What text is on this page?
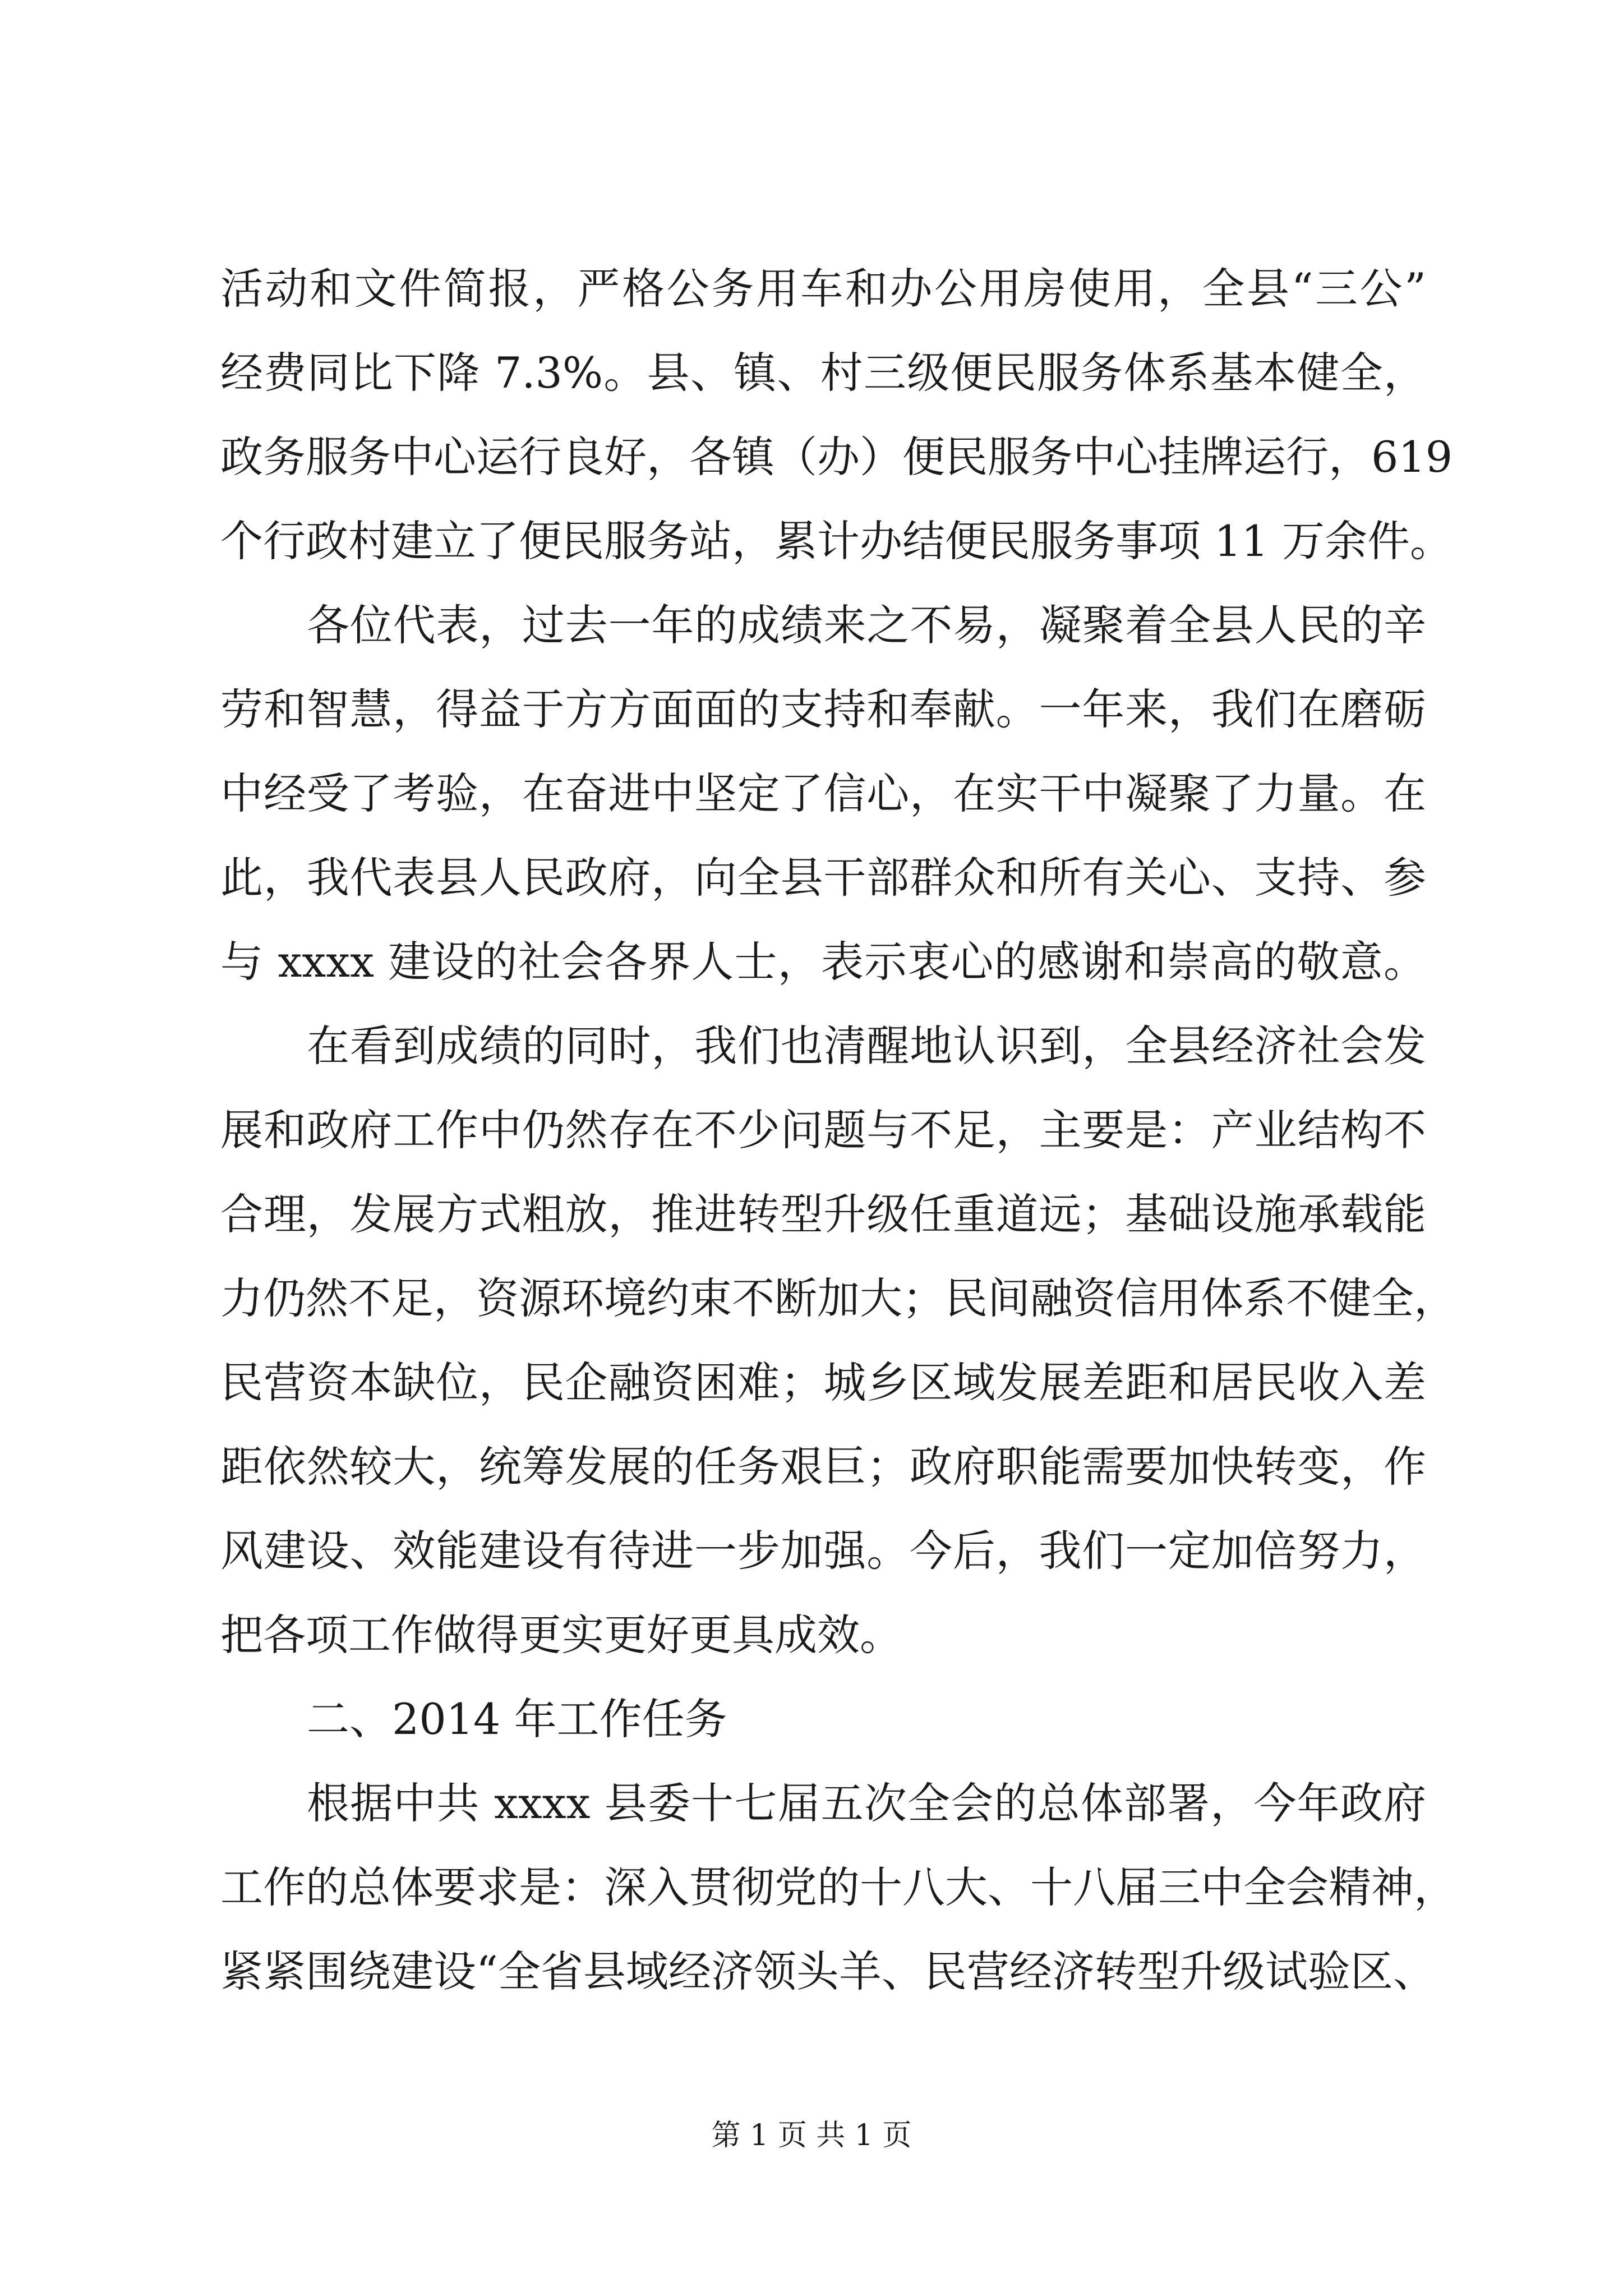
活动和文件简报，严格公务用车和办公用房使用，全县“三公”
经费同比下降 7.3%。县、镇、村三级便民服务体系基本健全，
政务服务中心运行良好，各镇（办）便民服务中心挂牌运行，619
个行政村建立了便民服务站，累计办结便民服务事项 11 万余件。
各位代表，过去一年的成绩来之不易，凝聚着全县人民的辛
劳和智慧，得益于方方面面的支持和奉献。一年来，我们在磨砺
中经受了考验，在奋进中坚定了信心，在实干中凝聚了力量。在
此，我代表县人民政府，向全县干部群众和所有关心、支持、参
与 xxxx 建设的社会各界人士，表示衷心的感谢和崇高的敬意。
在看到成绩的同时，我们也清醒地认识到，全县经济社会发
展和政府工作中仍然存在不少问题与不足，主要是：产业结构不
合理，发展方式粗放，推进转型升级任重道远；基础设施承载能
力仍然不足，资源环境约束不断加大；民间融资信用体系不健全，
民营资本缺位，民企融资困难；城乡区域发展差距和居民收入差
距依然较大，统筹发展的任务艰巨；政府职能需要加快转变，作
风建设、效能建设有待进一步加强。今后，我们一定加倍努力，
把各项工作做得更实更好更具成效。
二、2014 年工作任务
根据中共 xxxx 县委十七届五次全会的总体部署，今年政府
工作的总体要求是：深入贯彻党的十八大、十八届三中全会精神，
紧紧围绕建设“全省县域经济领头羊、民营经济转型升级试验区、
第 1 页 共 1 页
